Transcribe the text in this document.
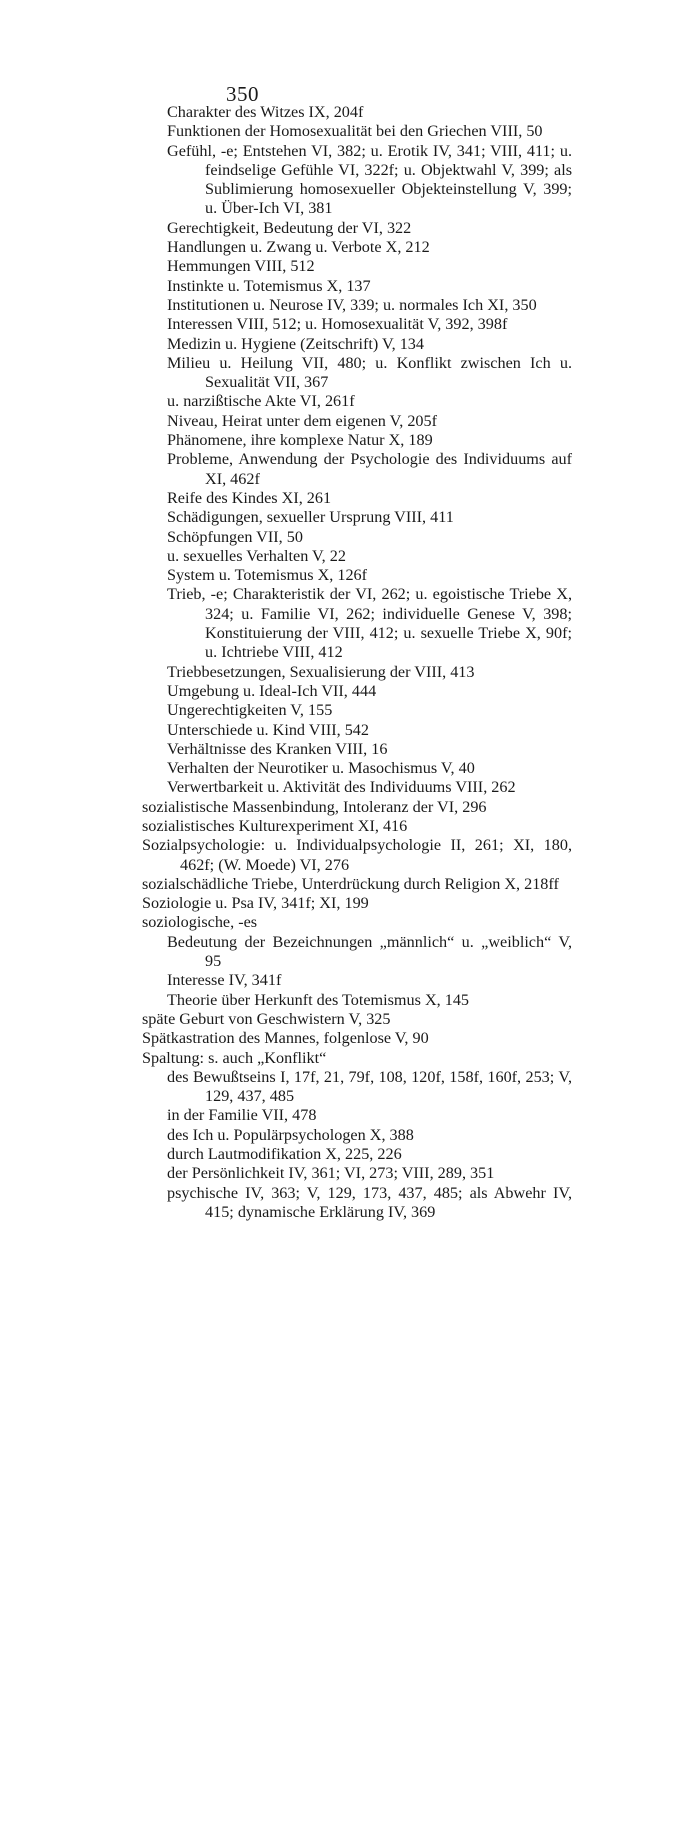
350
Charakter des Witzes IX, 204f
Funktionen der Homosexualität bei den Griechen VIII, 50
Gefühl, -e; Entstehen VI, 382; u. Erotik IV, 341; VIII, 411; u. feindselige Gefühle VI, 322f; u. Objektwahl V, 399; als Sublimierung homosexueller Objekteinstellung V, 399; u. Über-Ich VI, 381
Gerechtigkeit, Bedeutung der VI, 322
Handlungen u. Zwang u. Verbote X, 212
Hemmungen VIII, 512
Instinkte u. Totemismus X, 137
Institutionen u. Neurose IV, 339; u. normales Ich XI, 350
Interessen VIII, 512; u. Homosexualität V, 392, 398f
Medizin u. Hygiene (Zeitschrift) V, 134
Milieu u. Heilung VII, 480; u. Konflikt zwischen Ich u. Sexualität VII, 367
u. narzißtische Akte VI, 261f
Niveau, Heirat unter dem eigenen V, 205f
Phänomene, ihre komplexe Natur X, 189
Probleme, Anwendung der Psychologie des Individuums auf XI, 462f
Reife des Kindes XI, 261
Schädigungen, sexueller Ursprung VIII, 411
Schöpfungen VII, 50
u. sexuelles Verhalten V, 22
System u. Totemismus X, 126f
Trieb, -e; Charakteristik der VI, 262; u. egoistische Triebe X, 324; u. Familie VI, 262; individuelle Genese V, 398; Konstituierung der VIII, 412; u. sexuelle Triebe X, 90f; u. Ichtriebe VIII, 412
Triebbesetzungen, Sexualisierung der VIII, 413
Umgebung u. Ideal-Ich VII, 444
Ungerechtigkeiten V, 155
Unterschiede u. Kind VIII, 542
Verhältnisse des Kranken VIII, 16
Verhalten der Neurotiker u. Masochismus V, 40
Verwertbarkeit u. Aktivität des Individuums VIII, 262
sozialistische Massenbindung, Intoleranz der VI, 296
sozialistisches Kulturexperiment XI, 416
Sozialpsychologie: u. Individualpsychologie II, 261; XI, 180, 462f; (W. Moede) VI, 276
sozialschädliche Triebe, Unterdrückung durch Religion X, 218ff
Soziologie u. Psa IV, 341f; XI, 199
soziologische, -es
Bedeutung der Bezeichnungen „männlich“ u. „weiblich“ V, 95
Interesse IV, 341f
Theorie über Herkunft des Totemismus X, 145
späte Geburt von Geschwistern V, 325
Spätkastration des Mannes, folgenlose V, 90
Spaltung: s. auch „Konflikt“
des Bewußtseins I, 17f, 21, 79f, 108, 120f, 158f, 160f, 253; V, 129, 437, 485
in der Familie VII, 478
des Ich u. Populärpsychologen X, 388
durch Lautmodifikation X, 225, 226
der Persönlichkeit IV, 361; VI, 273; VIII, 289, 351
psychische IV, 363; V, 129, 173, 437, 485; als Abwehr IV, 415; dynamische Erklärung IV, 369
